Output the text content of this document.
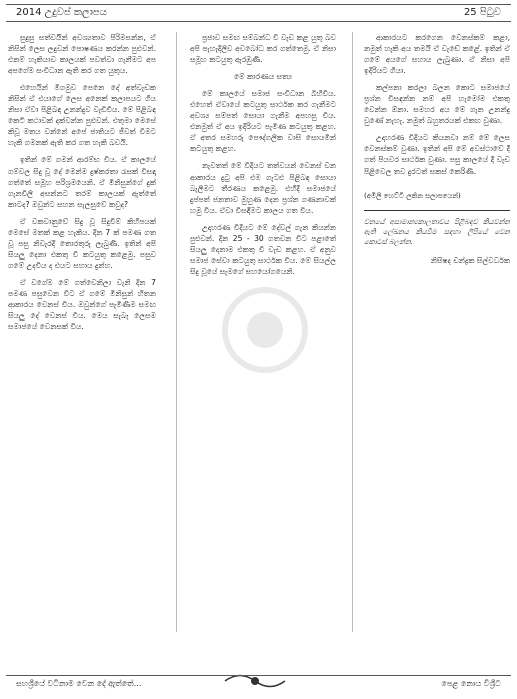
2014 උදුවප් කලාපය	25 පිටුව

සුදුසු සත්වයින් අවශ්‍යතාව පිරිමසන්න, ඒ නිසින් ලෙස ලදුවන් පොෂණය කරන්න පුළුවන්. එනම් හැකියාව කාලයක් පවත්වා ගැනීමට අප අපගේම සංවිධාන ඇති කර ගත යුතුය.

එහෙයින් මීගමුව පෙනෙ දේ අත්වැඩක නිසින් ඒ එයාගේ ලෙස අනෙක් කලාපයට ගිය නිසා ඒවා පිළිබඳ උනන්දුව වැඩිවිය. මේ පිළිබඳ කෙටි කථාවක් දක්වන්න පුළුවන්. එතුමා මෙසේ කිවූ මතය වන්නේ අපේ ජාතියට ජීවත් වීමට හැකි ගමනක් ඇති කර ගත හැකි බවයි.

ඉතින් මේ ගමන් ආරම්භ විය. ඒ කාලයේ ගම්වල සිදු වූ දේ මෙන්ම දුෂ්කරතා රැසක් විසඳා ගත්තේ සමූහ පරිශ්‍රමයෙනි. ඒ මිනිසුන්ගේ දුක් ගැනවිලි අසන්නට තරම් කාලයක් ඇත්තේ කාටද? ඔවුන්ට සහන සැලසුවේ කවුද?

ඒ වකවානුවේ සිදු වූ සිදුවීම් කිහිපයක් මෙසේ මතක් කළ හැකිය. දින 7 ක් පමණ ගත වූ පසු නිවැරදි තොරතුරු ලැබුණි. ඉතින් අපි සියලු දෙනා එකතු වී කටයුතු කළෙමු. පසුව ගමේ උදවිය ද එයට සහාය දුන්හ.

ඒ වගේම මේ ගත්වෙනිලා වැනි දින 7 පමණ පසුවෙන විට ඒ ගමේ මිනිසුන් හිතන ආකාරය වෙනස් විය. ඔවුන්ගේ පැමිණීම සමඟ සියලු දේ වෙනස් විය. මෙය සැබෑ ලෙසම සමාජයේ වෙනසක් විය.

ප්‍රජාව සමඟ සම්බන්ධ වී වැඩ කළ යුතු බව අපි පැහැදිලිව අවබෝධ කර ගත්තෙමු. ඒ නිසා සමූහ කටයුතු ඇරඹුණි.

මේ කාරණය සත්‍ය

මේ කාලයේ සමාජ සංවිධාන බිහිවිය. එහෙත් ඒවායේ කටයුතු සාර්ථක කර ගැනීමට අවශ්‍ය සම්පත් සොයා ගැනීම අපහසු විය. එනමුත් ඒ අය ඉදිරියට පැමිණ කටයුතු කළහ. ඒ අතර සමහරු පෞද්ගලික වාසි සොයමින් කටයුතු කළහ.

නැවතත් මේ විදියට තත්වයන් වෙනස් වන ආකාරය දුටු අපි එම ගැටළු පිළිබඳ සොයා බැලීමට තීරණය කළෙමු. එහිදී සමාජයේ දුප්පත් ජනතාව මුහුණ දෙන ප්‍රශ්න ගණනාවක් හමු විය. ඒවා විසඳීමට කාලය ගත විය.

උදාහරණ විදියට මේ දේවල් ගැන කියන්න පුළුවන්. දින 25 - 30 ගතවන විට පළාතේ සියලු දෙනාම එකතු වී වැඩ කළහ. ඒ අනුව සමාජ සේවා කටයුතු සාර්ථක විය. මේ සියල්ල සිදු වූයේ සැමගේ සහයෝගයෙනි.

ආකාරයට කරගෙන වෙනස්කම් කළා, නමුත් හැකි අය තමයි ඒ වැඩේ කළේ. ඉතින් ඒ ගමේ අයගේ සහාය ලැබුණා. ඒ නිසා අපි ඉදිරියට ගියා.

කල්පනා කරලා බලන කොට සමාජයේ ප්‍රශ්න විසඳන්න නම් අපි හැමෝම එකතු වෙන්න ඕනා. සමහර අය මේ ගැන උනන්දු වුණේ නැහැ. නමුත් බහුතරයක් එකඟ වුණා.

උදාහරණ විදියට කියනවා නම් මේ ලෙස වෙනස්කම් වුණා. ඉතින් අපි මේ අවස්ථාවේ දී ගත් පියවර සාර්ථක වුණා. පසු කාලයේ දී වැඩ පිළිවෙල තව දුරටත් සකස් කෙරිණි.

(අමිලි හෙට්ටි ලකින සලාපයෙන්)
වනයේ අසාමාන්‍යකාලතාවය පිළිබඳව කියවන්න ඇති ලේඛනය කියවීම සඳහා ලිපියේ වෙන කොටස් බලන්න.
නිසිෂද චන්ද්‍රක සිල්වර්ධක
සහශ්‍රීයේ වටිනාම වෙන දේ ඇත්තේ...	පෙළ නොය විශ්‍රීට
